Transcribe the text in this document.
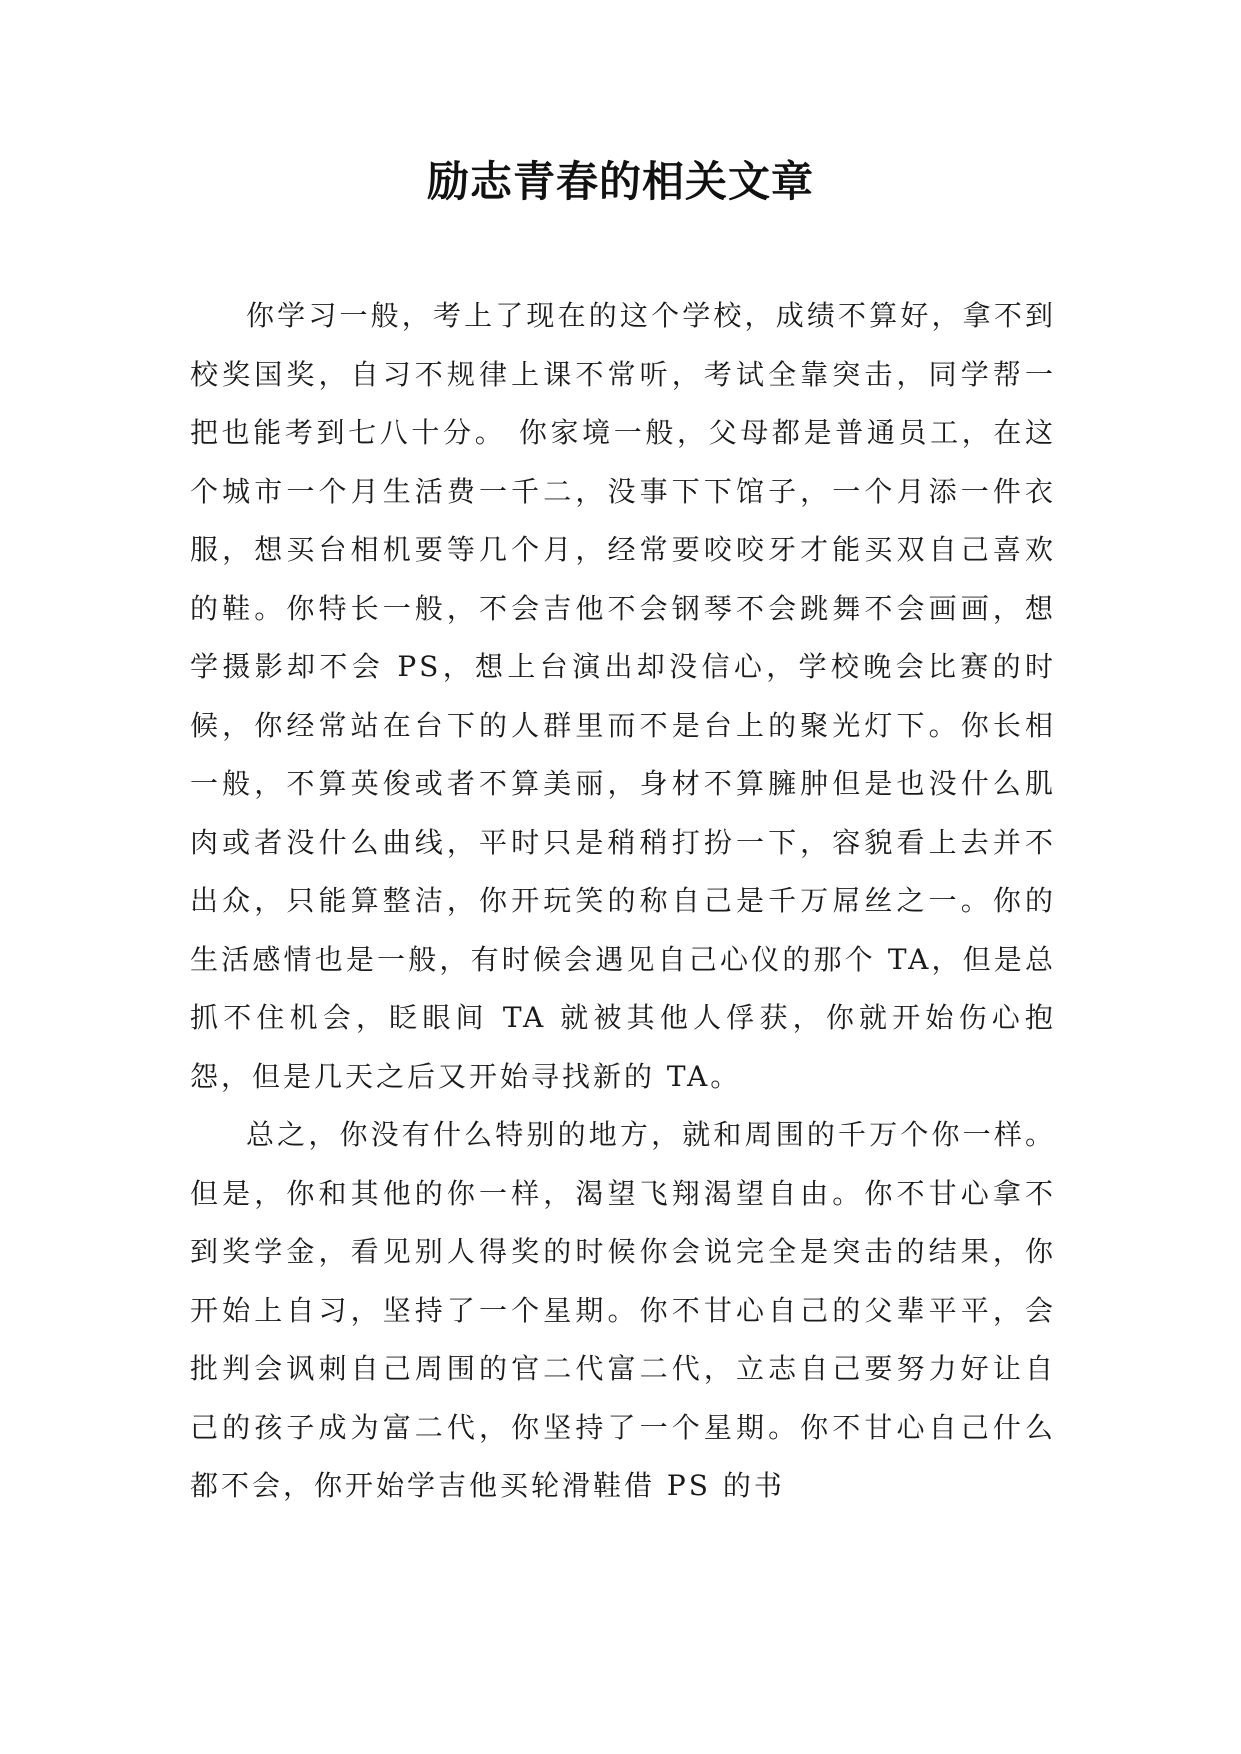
励志青春的相关文章

你学习一般，考上了现在的这个学校，成绩不算好，拿不到校奖国奖，自习不规律上课不常听，考试全靠突击，同学帮一把也能考到七八十分。 你家境一般，父母都是普通员工，在这个城市一个月生活费一千二，没事下下馆子，一个月添一件衣服，想买台相机要等几个月，经常要咬咬牙才能买双自己喜欢的鞋。你特长一般，不会吉他不会钢琴不会跳舞不会画画，想学摄影却不会 PS，想上台演出却没信心，学校晚会比赛的时候，你经常站在台下的人群里而不是台上的聚光灯下。你长相一般，不算英俊或者不算美丽，身材不算臃肿但是也没什么肌肉或者没什么曲线，平时只是稍稍打扮一下，容貌看上去并不出众，只能算整洁，你开玩笑的称自己是千万屌丝之一。你的生活感情也是一般，有时候会遇见自己心仪的那个 TA，但是总抓不住机会，眨眼间 TA 就被其他人俘获，你就开始伤心抱怨，但是几天之后又开始寻找新的 TA。

总之，你没有什么特别的地方，就和周围的千万个你一样。但是，你和其他的你一样，渴望飞翔渴望自由。你不甘心拿不到奖学金，看见别人得奖的时候你会说完全是突击的结果，你开始上自习，坚持了一个星期。你不甘心自己的父辈平平，会批判会讽刺自己周围的官二代富二代，立志自己要努力好让自己的孩子成为富二代，你坚持了一个星期。你不甘心自己什么都不会，你开始学吉他买轮滑鞋借 PS 的书
